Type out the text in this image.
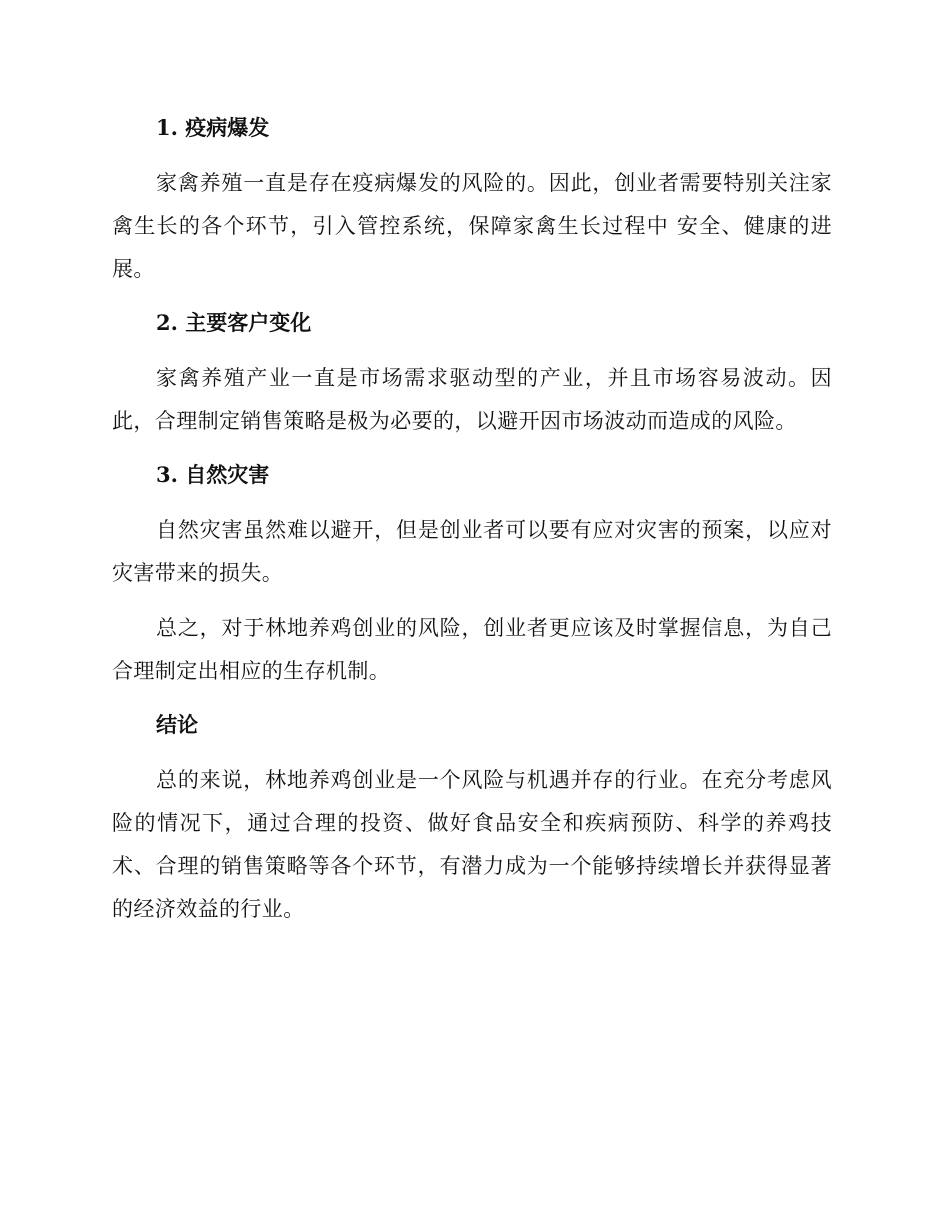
1. 疫病爆发

家禽养殖一直是存在疫病爆发的风险的。因此，创业者需要特别关注家禽生长的各个环节，引入管控系统，保障家禽生长过程中 安全、健康的进展。

2. 主要客户变化

家禽养殖产业一直是市场需求驱动型的产业，并且市场容易波动。因此，合理制定销售策略是极为必要的，以避开因市场波动而造成的风险。

3. 自然灾害

自然灾害虽然难以避开，但是创业者可以要有应对灾害的预案，以应对灾害带来的损失。

总之，对于林地养鸡创业的风险，创业者更应该及时掌握信息，为自己合理制定出相应的生存机制。

结论

总的来说，林地养鸡创业是一个风险与机遇并存的行业。在充分考虑风险的情况下，通过合理的投资、做好食品安全和疾病预防、科学的养鸡技术、合理的销售策略等各个环节，有潜力成为一个能够持续增长并获得显著的经济效益的行业。
